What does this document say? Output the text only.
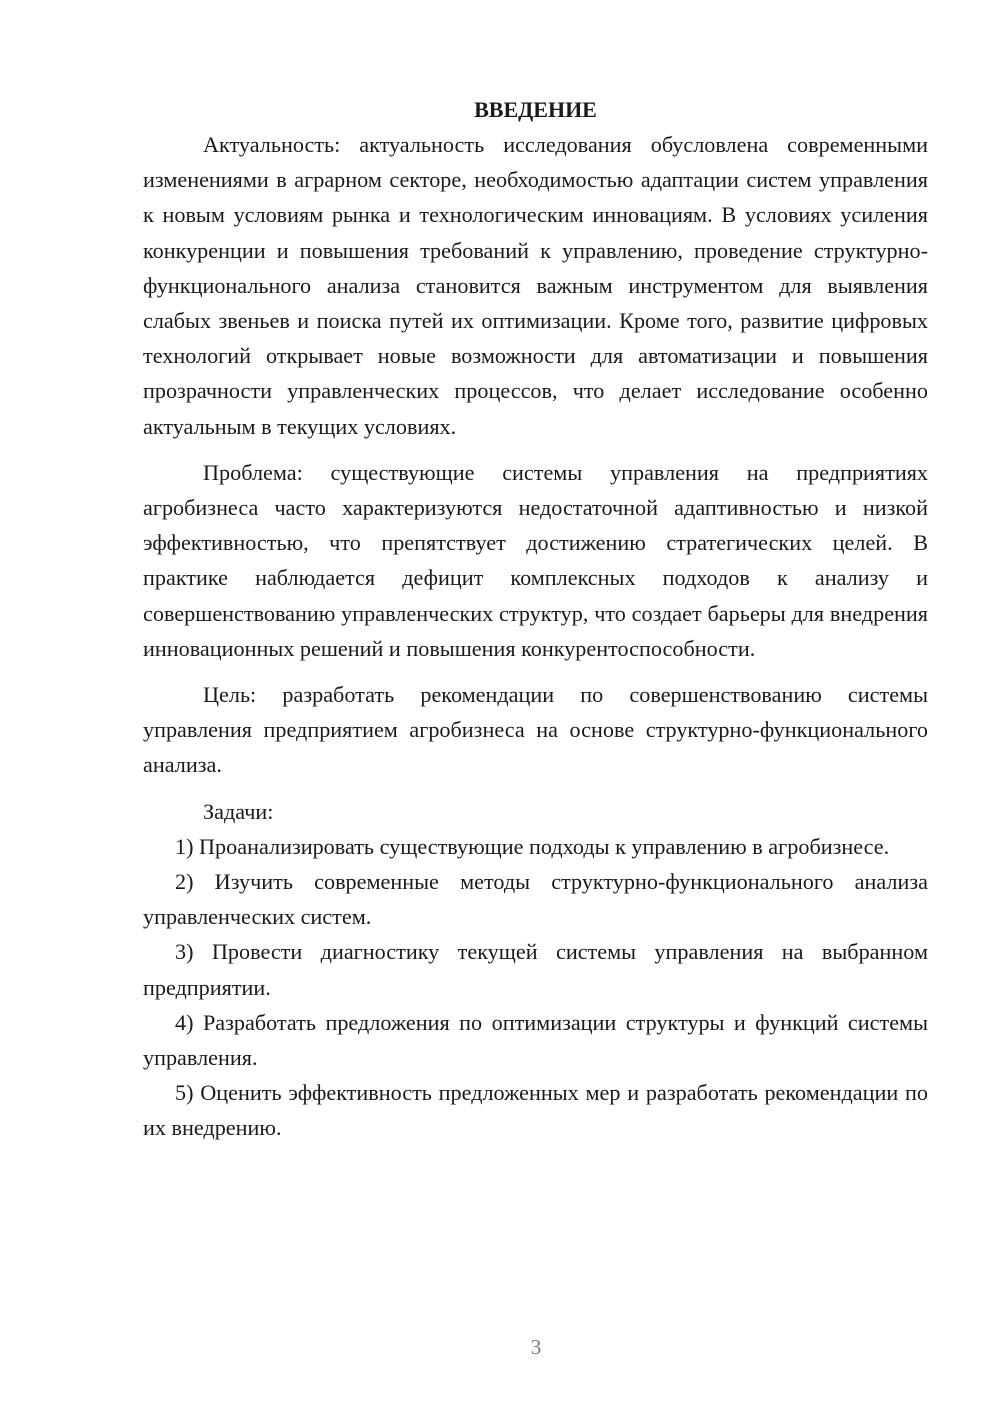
ВВЕДЕНИЕ

Актуальность: актуальность исследования обусловлена современными изменениями в аграрном секторе, необходимостью адаптации систем управления к новым условиям рынка и технологическим инновациям. В условиях усиления конкуренции и повышения требований к управлению, проведение структурно-функционального анализа становится важным инструментом для выявления слабых звеньев и поиска путей их оптимизации. Кроме того, развитие цифровых технологий открывает новые возможности для автоматизации и повышения прозрачности управленческих процессов, что делает исследование особенно актуальным в текущих условиях.

Проблема: существующие системы управления на предприятиях агробизнеса часто характеризуются недостаточной адаптивностью и низкой эффективностью, что препятствует достижению стратегических целей. В практике наблюдается дефицит комплексных подходов к анализу и совершенствованию управленческих структур, что создает барьеры для внедрения инновационных решений и повышения конкурентоспособности.

Цель: разработать рекомендации по совершенствованию системы управления предприятием агробизнеса на основе структурно-функционального анализа.

Задачи:

1) Проанализировать существующие подходы к управлению в агробизнесе.

2) Изучить современные методы структурно-функционального анализа управленческих систем.

3) Провести диагностику текущей системы управления на выбранном предприятии.

4) Разработать предложения по оптимизации структуры и функций системы управления.

5) Оценить эффективность предложенных мер и разработать рекомендации по их внедрению.

3
